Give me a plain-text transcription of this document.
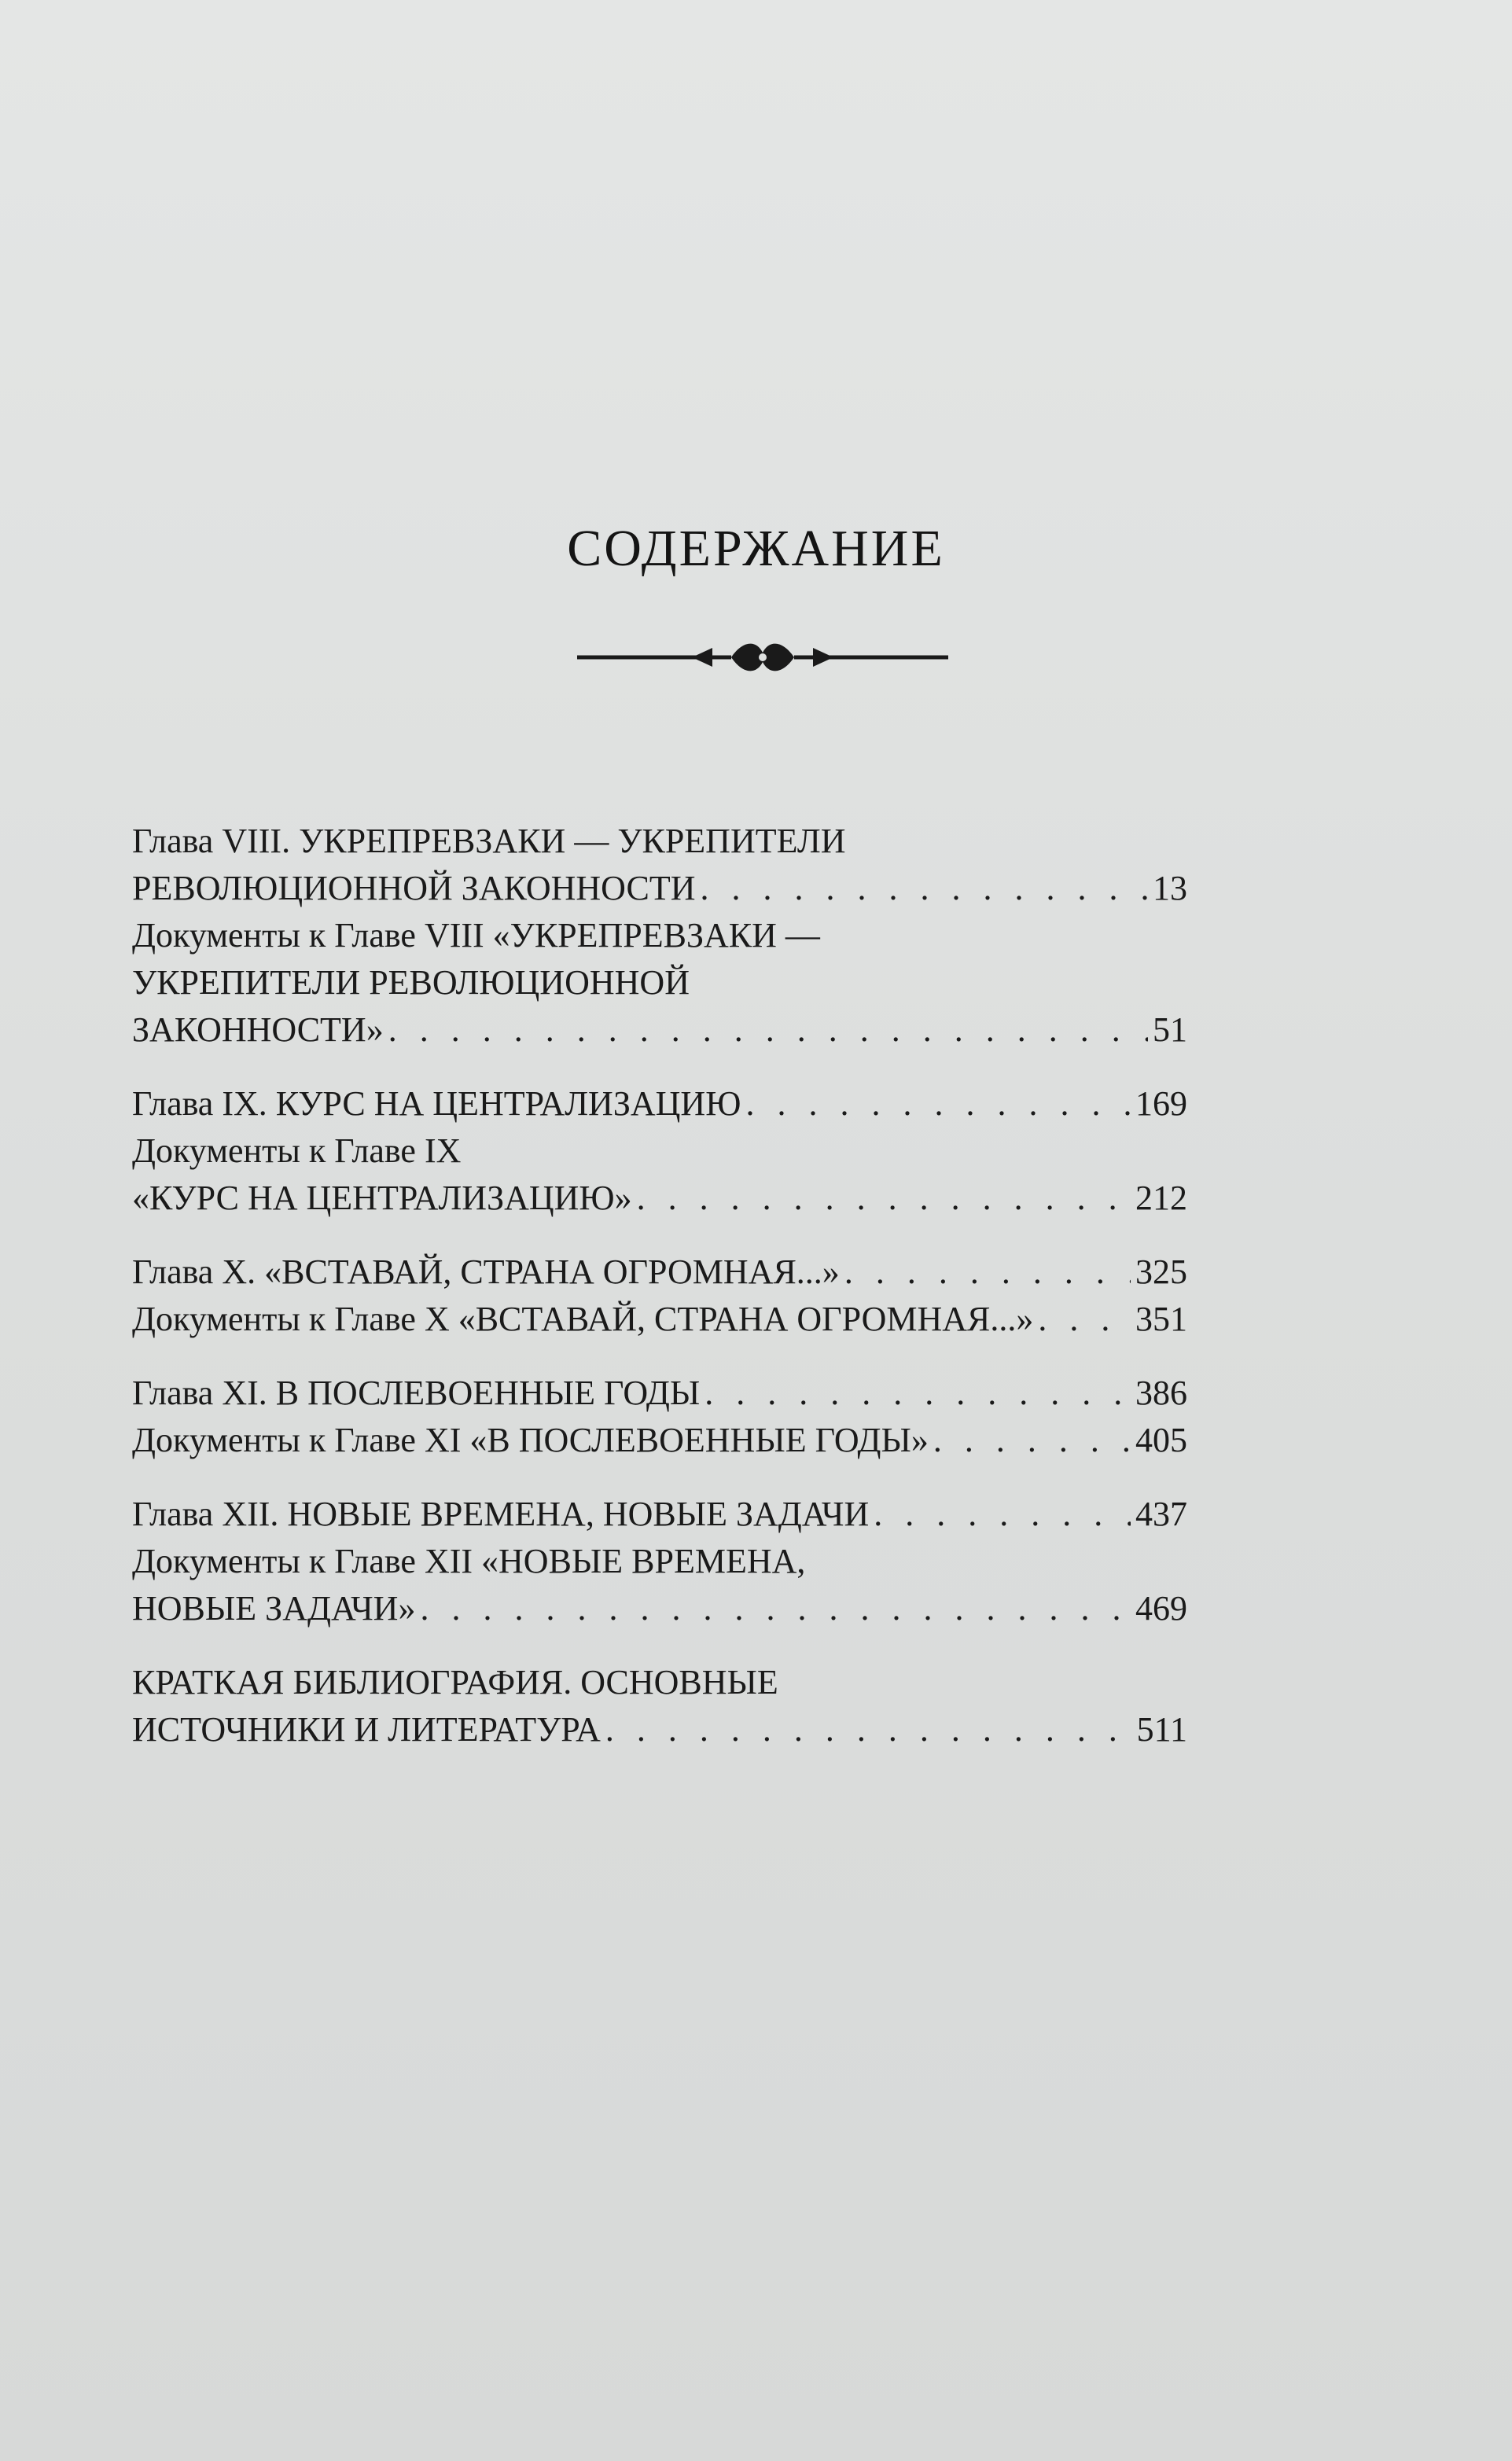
СОДЕРЖАНИЕ
Глава VIII. УКРЕПРЕВЗАКИ — УКРЕПИТЕЛИ
РЕВОЛЮЦИОННОЙ ЗАКОННОСТИ . . .	13
Документы к Главе VIII «УКРЕПРЕВЗАКИ —
УКРЕПИТЕЛИ РЕВОЛЮЦИОННОЙ
ЗАКОННОСТИ» . . .	51
Глава IX. КУРС НА ЦЕНТРАЛИЗАЦИЮ . . .	169
Документы к Главе IX
«КУРС НА ЦЕНТРАЛИЗАЦИЮ» . . .	212
Глава X. «ВСТАВАЙ, СТРАНА ОГРОМНАЯ...» . . .	325
Документы к Главе X «ВСТАВАЙ, СТРАНА ОГРОМНАЯ...» . . .	351
Глава XI. В ПОСЛЕВОЕННЫЕ ГОДЫ . . .	386
Документы к Главе XI «В ПОСЛЕВОЕННЫЕ ГОДЫ» . . .	405
Глава XII. НОВЫЕ ВРЕМЕНА, НОВЫЕ ЗАДАЧИ . . .	437
Документы к Главе XII «НОВЫЕ ВРЕМЕНА,
НОВЫЕ ЗАДАЧИ» . . .	469
КРАТКАЯ БИБЛИОГРАФИЯ. ОСНОВНЫЕ
ИСТОЧНИКИ И ЛИТЕРАТУРА . . .	511
